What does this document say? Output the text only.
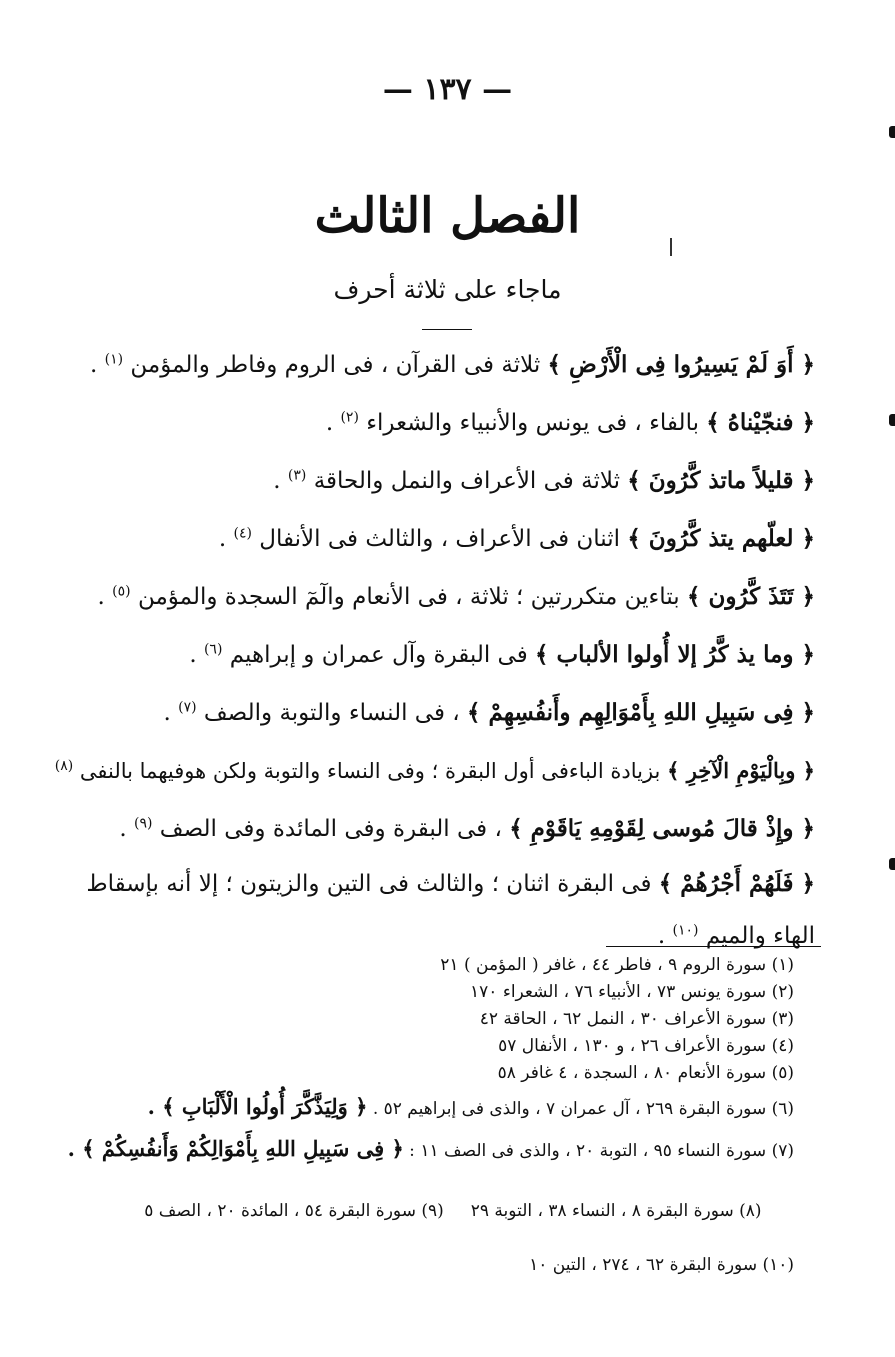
— ١٣٧ —
الفصل الثالث
ماجاء على ثلاثة أحرف
﴿ أَوَ لَمْ يَسِيرُوا فِى الْأَرْضِ ﴾ ثلاثة فى القرآن ، فى الروم وفاطر والمؤمن $^{(١)}$ .
﴿ فنجّيْناهُ ﴾ بالفاء ، فى يونس والأنبياء والشعراء $^{(٢)}$ .
﴿ قليلاً ماتذ كَّرُونَ ﴾ ثلاثة فى الأعراف والنمل والحاقة $^{(٣)}$ .
﴿ لعلّهم يتذ كَّرُونَ ﴾ اثنان فى الأعراف ، والثالث فى الأنفال $^{(٤)}$ .
﴿ تَتَذَ كَّرُون ﴾ بتاءين متكررتين ؛ ثلاثة ، فى الأنعام والٓمٓ السجدة والمؤمن $^{(٥)}$ .
﴿ وما يذ كَّرُ إلا أُولوا الألباب ﴾ فى البقرة وآل عمران و إبراهيم $^{(٦)}$ .
﴿ فِى سَبِيلِ اللهِ بِأَمْوَالِهِم وأَنفُسِهِمْ ﴾ ، فى النساء والتوبة والصف $^{(٧)}$ .
﴿ وبِالْيَوْمِ الْآخِرِ ﴾ بزيادة الباءفى أول البقرة ؛ وفى النساء والتوبة ولكن هوفيهما بالنفى $^{(٨)}$
﴿ وإِذْ قالَ مُوسى لِقَوْمِهِ يَاقَوْمِ ﴾ ، فى البقرة وفى المائدة وفى الصف $^{(٩)}$ .
﴿ فَلَهُمْ أَجْرُهُمْ ﴾ فى البقرة اثنان ؛ والثالث فى التين والزيتون ؛ إلا أنه بإسقاط الهاء والميم $^{(١٠)}$ .
(١) سورة الروم ٩ ، فاطر ٤٤ ، غافر ( المؤمن ) ٢١
(٢) سورة يونس ٧٣ ، الأنبياء ٧٦ ، الشعراء ١٧٠
(٣) سورة الأعراف ٣٠ ، النمل ٦٢ ، الحاقة ٤٢
(٤) سورة الأعراف ٢٦ ، و ١٣٠ ، الأنفال ٥٧
(٥) سورة الأنعام ٨٠ ، السجدة ، ٤ غافر ٥٨
(٦) سورة البقرة ٢٦٩ ، آل عمران ٧ ، والذى فى إبراهيم ٥٢ . ﴿ وَلِيَذَّكَّرَ أُولُوا الْأَلْبَابِ ﴾ .
(٧) سورة النساء ٩٥ ، التوبة ٢٠ ، والذى فى الصف ١١ : ﴿ فِى سَبِيلِ اللهِ بِأَمْوَالِكُمْ وَأَنفُسِكُمْ ﴾ .

(٨) سورة البقرة ٨ ، النساء ٣٨ ، التوبة ٢٩     (٩) سورة البقرة ٥٤ ، المائدة ٢٠ ، الصف ٥

(١٠) سورة البقرة ٦٢ ، ٢٧٤ ، التين ١٠
